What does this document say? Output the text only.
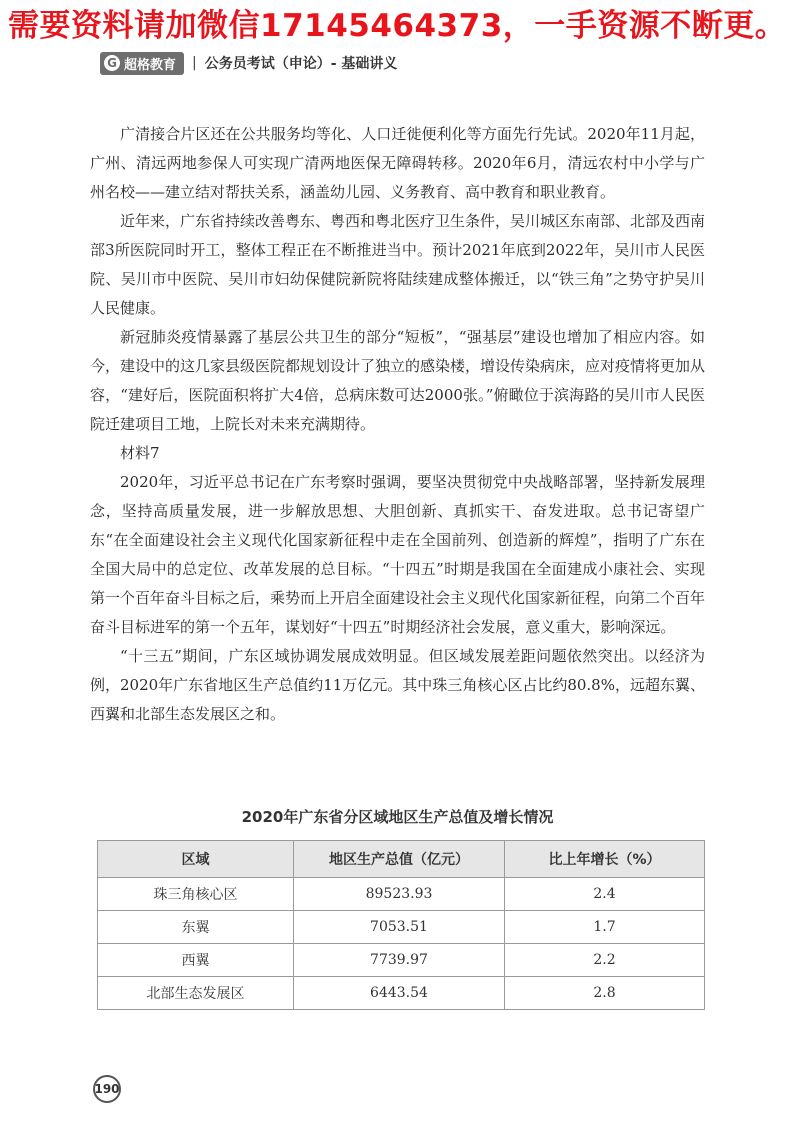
需要资料请加微信17145464373，一手资源不断更。
G 超格教育 | 公务员考试（申论）- 基础讲义

广清接合片区还在公共服务均等化、人口迁徙便利化等方面先行先试。2020年11月起，广州、清远两地参保人可实现广清两地医保无障碍转移。2020年6月，清远农村中小学与广州名校——建立结对帮扶关系，涵盖幼儿园、义务教育、高中教育和职业教育。

近年来，广东省持续改善粤东、粤西和粤北医疗卫生条件，吴川城区东南部、北部及西南部3所医院同时开工，整体工程正在不断推进当中。预计2021年底到2022年，吴川市人民医院、吴川市中医院、吴川市妇幼保健院新院将陆续建成整体搬迁，以“铁三角”之势守护吴川人民健康。

新冠肺炎疫情暴露了基层公共卫生的部分“短板”，“强基层”建设也增加了相应内容。如今，建设中的这几家县级医院都规划设计了独立的感染楼，增设传染病床，应对疫情将更加从容，“建好后，医院面积将扩大4倍，总病床数可达2000张。”俯瞰位于滨海路的吴川市人民医院迁建项目工地，上院长对未来充满期待。

材料7

2020年，习近平总书记在广东考察时强调，要坚决贯彻党中央战略部署，坚持新发展理念，坚持高质量发展，进一步解放思想、大胆创新、真抓实干、奋发进取。总书记寄望广东“在全面建设社会主义现代化国家新征程中走在全国前列、创造新的辉煌”，指明了广东在全国大局中的总定位、改革发展的总目标。“十四五”时期是我国在全面建成小康社会、实现第一个百年奋斗目标之后，乘势而上开启全面建设社会主义现代化国家新征程，向第二个百年奋斗目标进军的第一个五年，谋划好“十四五”时期经济社会发展，意义重大，影响深远。

“十三五”期间，广东区域协调发展成效明显。但区域发展差距问题依然突出。以经济为例，2020年广东省地区生产总值约11万亿元。其中珠三角核心区占比约80.8%，远超东翼、西翼和北部生态发展区之和。

2020年广东省分区域地区生产总值及增长情况
区域	地区生产总值（亿元）	比上年增长（%）
珠三角核心区	89523.93	2.4
东翼	7053.51	1.7
西翼	7739.97	2.2
北部生态发展区	6443.54	2.8
190
